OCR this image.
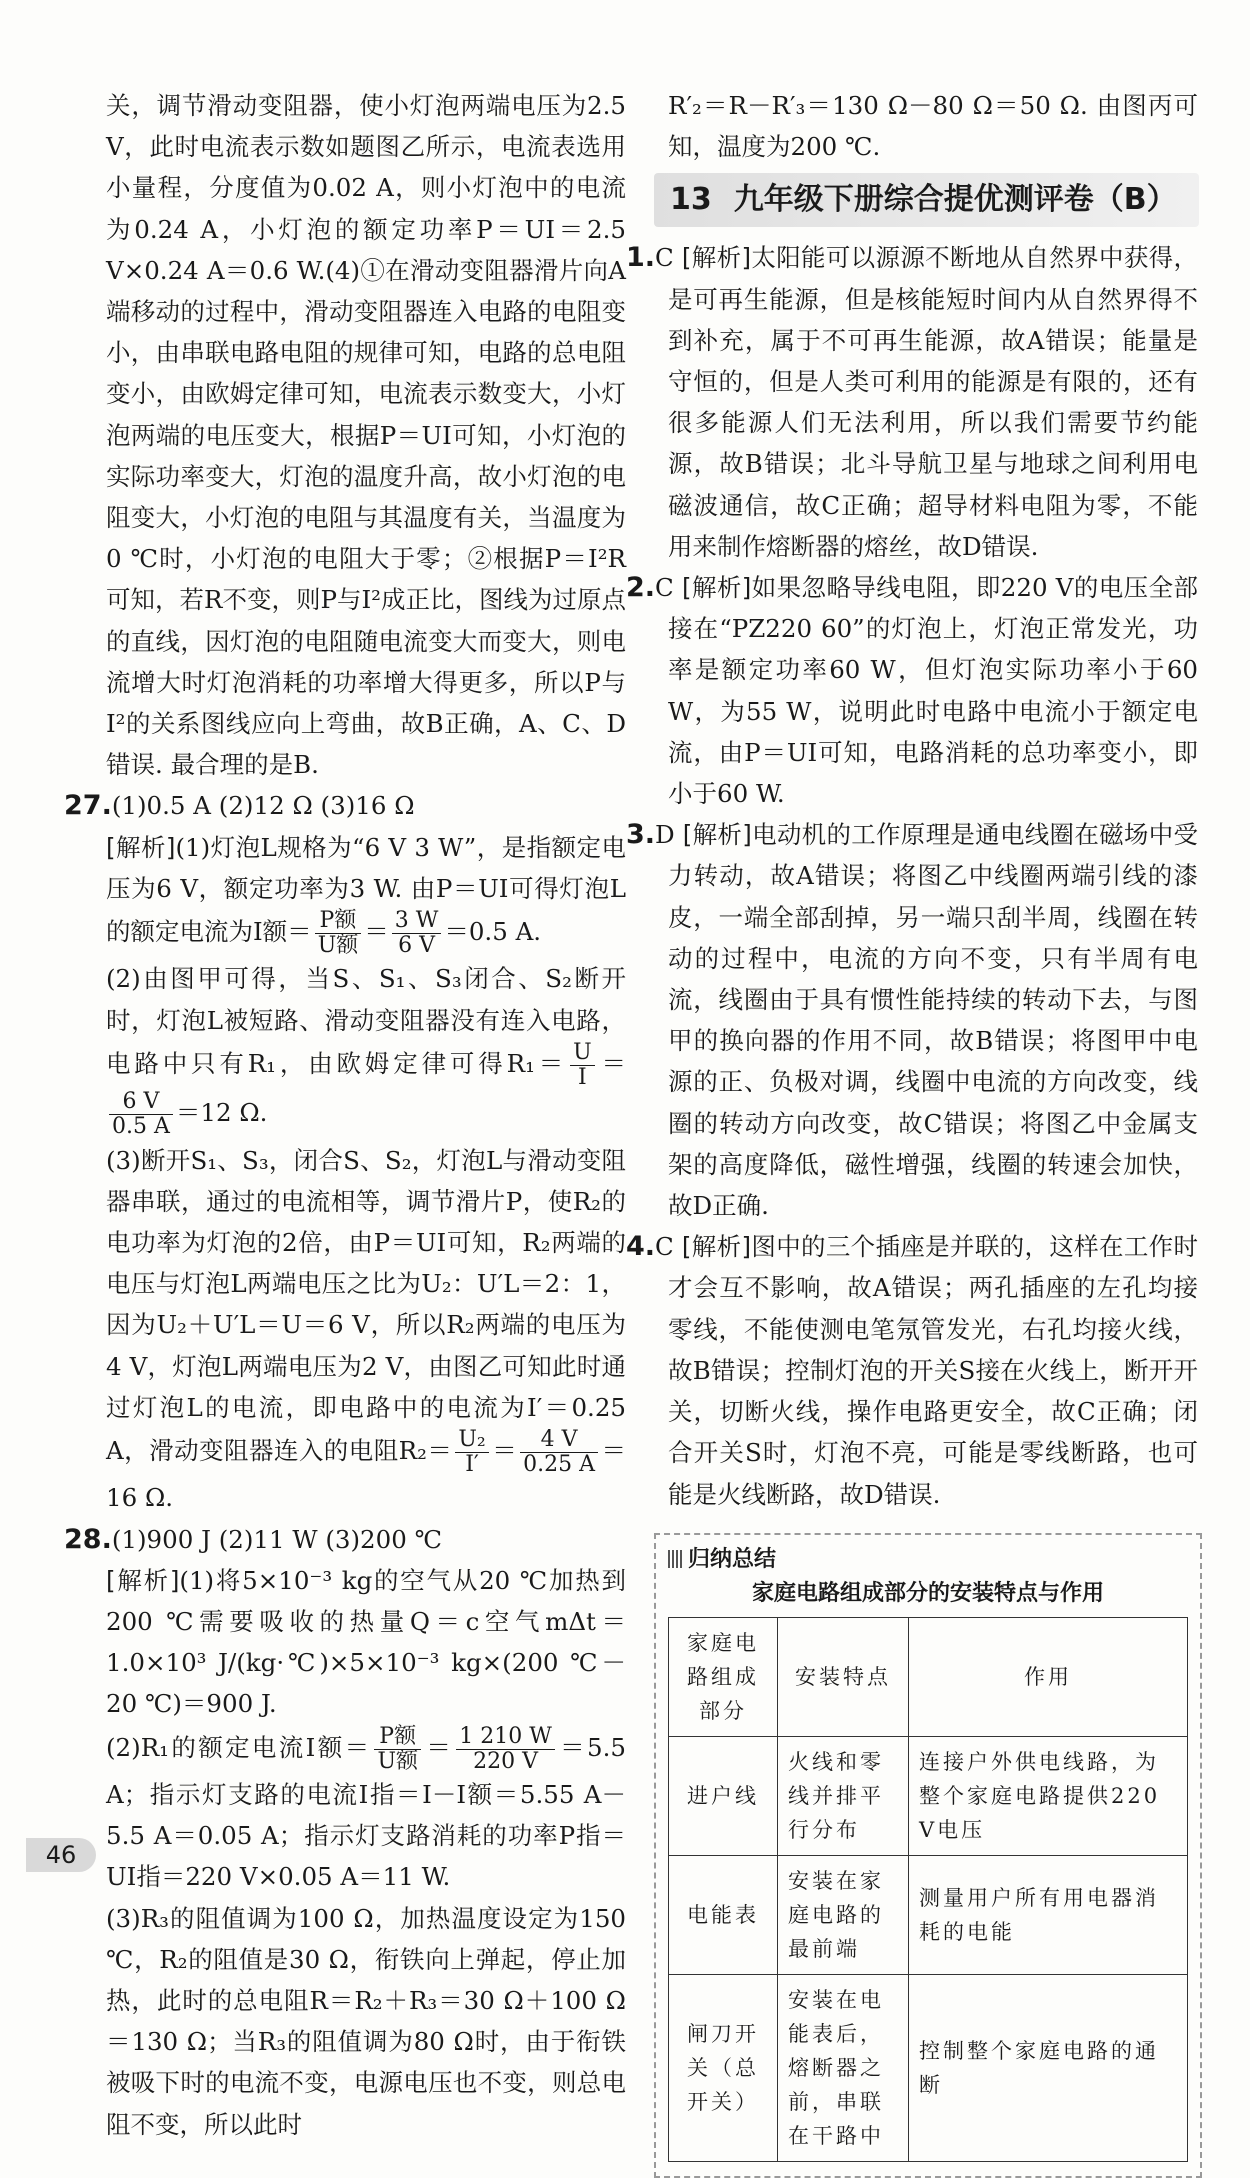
关，调节滑动变阻器，使小灯泡两端电压为2.5 V，此时电流表示数如题图乙所示，电流表选用小量程，分度值为0.02 A，则小灯泡中的电流为0.24 A，小灯泡的额定功率P＝UI＝2.5 V×0.24 A＝0.6 W.(4)①在滑动变阻器滑片向A端移动的过程中，滑动变阻器连入电路的电阻变小，由串联电路电阻的规律可知，电路的总电阻变小，由欧姆定律可知，电流表示数变大，小灯泡两端的电压变大，根据P＝UI可知，小灯泡的实际功率变大，灯泡的温度升高，故小灯泡的电阻变大，小灯泡的电阻与其温度有关，当温度为0 ℃时，小灯泡的电阻大于零；②根据P＝I²R可知，若R不变，则P与I²成正比，图线为过原点的直线，因灯泡的电阻随电流变大而变大，则电流增大时灯泡消耗的功率增大得更多，所以P与I²的关系图线应向上弯曲，故B正确，A、C、D错误. 最合理的是B.

27.(1)0.5 A (2)12 Ω (3)16 Ω

[解析](1)灯泡L规格为“6 V 3 W”，是指额定电压为6 V，额定功率为3 W. 由P＝UI可得灯泡L的额定电流为I额＝ $\frac{\text{P额}}{\text{U额}} = \frac{3 W}{6 V} =0.5$ A.

(2)由图甲可得，当S、S₁、S₃闭合、S₂断开时，灯泡L被短路、滑动变阻器没有连入电路，电路中只有R₁，由欧姆定律可得$R_1= \frac{U}{I}$ ＝
$\frac{6 V}{0.5 A} =12$ Ω.

(3)断开S₁、S₃，闭合S、S₂，灯泡L与滑动变阻器串联，通过的电流相等，调节滑片P，使R₂的电功率为灯泡的2倍，由P＝UI可知，R₂两端的电压与灯泡L两端电压之比为U₂：U′L＝2：1，因为U₂＋U′L＝U＝6 V，所以R₂两端的电压为4 V，灯泡L两端电压为2 V，由图乙可知此时通过灯泡L的电流，即电路中的电流为I′＝0.25 A，滑动变阻器连入的电阻$R_2= \frac{\text{U₂}}{I'} = \frac{4 V}{0.25 A} =16$ Ω.

28.(1)900 J (2)11 W (3)200 ℃

[解析](1)将5×10⁻³ kg的空气从20 ℃加热到200 ℃需要吸收的热量Q＝c空气mΔt＝1.0×10³ J/(kg·℃)×5×10⁻³ kg×(200 ℃－20 ℃)＝900 J.

(2)R₁的额定电流I额＝ $\frac{\text{P额}}{\text{U额}} = \frac{1 210 W}{220 V} =5.5$ A；指示灯支路的电流I指＝I－I额＝5.55 A－5.5 A＝0.05 A；指示灯支路消耗的功率P指＝UI指＝220 V×0.05 A＝11 W.

(3)R₃的阻值调为100 Ω，加热温度设定为150 ℃，R₂的阻值是30 Ω，衔铁向上弹起，停止加热，此时的总电阻R＝R₂＋R₃＝30 Ω＋100 Ω＝130 Ω；当R₃的阻值调为80 Ω时，由于衔铁被吸下时的电流不变，电源电压也不变，则总电阻不变，所以此时

R′₂＝R－R′₃＝130 Ω－80 Ω＝50 Ω. 由图丙可知，温度为200 ℃.

13 九年级下册综合提优测评卷（B）

1.C [解析]太阳能可以源源不断地从自然界中获得，是可再生能源，但是核能短时间内从自然界得不到补充，属于不可再生能源，故A错误；能量是守恒的，但是人类可利用的能源是有限的，还有很多能源人们无法利用，所以我们需要节约能源，故B错误；北斗导航卫星与地球之间利用电磁波通信，故C正确；超导材料电阻为零，不能用来制作熔断器的熔丝，故D错误.

2.C [解析]如果忽略导线电阻，即220 V的电压全部接在“PZ220 60”的灯泡上，灯泡正常发光，功率是额定功率60 W，但灯泡实际功率小于60 W，为55 W，说明此时电路中电流小于额定电流，由P＝UI可知，电路消耗的总功率变小，即小于60 W.

3.D [解析]电动机的工作原理是通电线圈在磁场中受力转动，故A错误；将图乙中线圈两端引线的漆皮，一端全部刮掉，另一端只刮半周，线圈在转动的过程中，电流的方向不变，只有半周有电流，线圈由于具有惯性能持续的转动下去，与图甲的换向器的作用不同，故B错误；将图甲中电源的正、负极对调，线圈中电流的方向改变，线圈的转动方向改变，故C错误；将图乙中金属支架的高度降低，磁性增强，线圈的转速会加快，故D正确.

4.C [解析]图中的三个插座是并联的，这样在工作时才会互不影响，故A错误；两孔插座的左孔均接零线，不能使测电笔氖管发光，右孔均接火线，故B错误；控制灯泡的开关S接在火线上，断开开关，切断火线，操作电路更安全，故C正确；闭合开关S时，灯泡不亮，可能是零线断路，也可能是火线断路，故D错误.

归纳总结
家庭电路组成部分的安装特点与作用
家庭电路组成部分	安装特点	作用
进户线	火线和零线并排平行分布	连接户外供电线路，为整个家庭电路提供220 V电压
电能表	安装在家庭电路的最前端	测量用户所有用电器消耗的电能
闸刀开关（总开关）	安装在电能表后，熔断器之前，串联在干路中	控制整个家庭电路的通断
46
